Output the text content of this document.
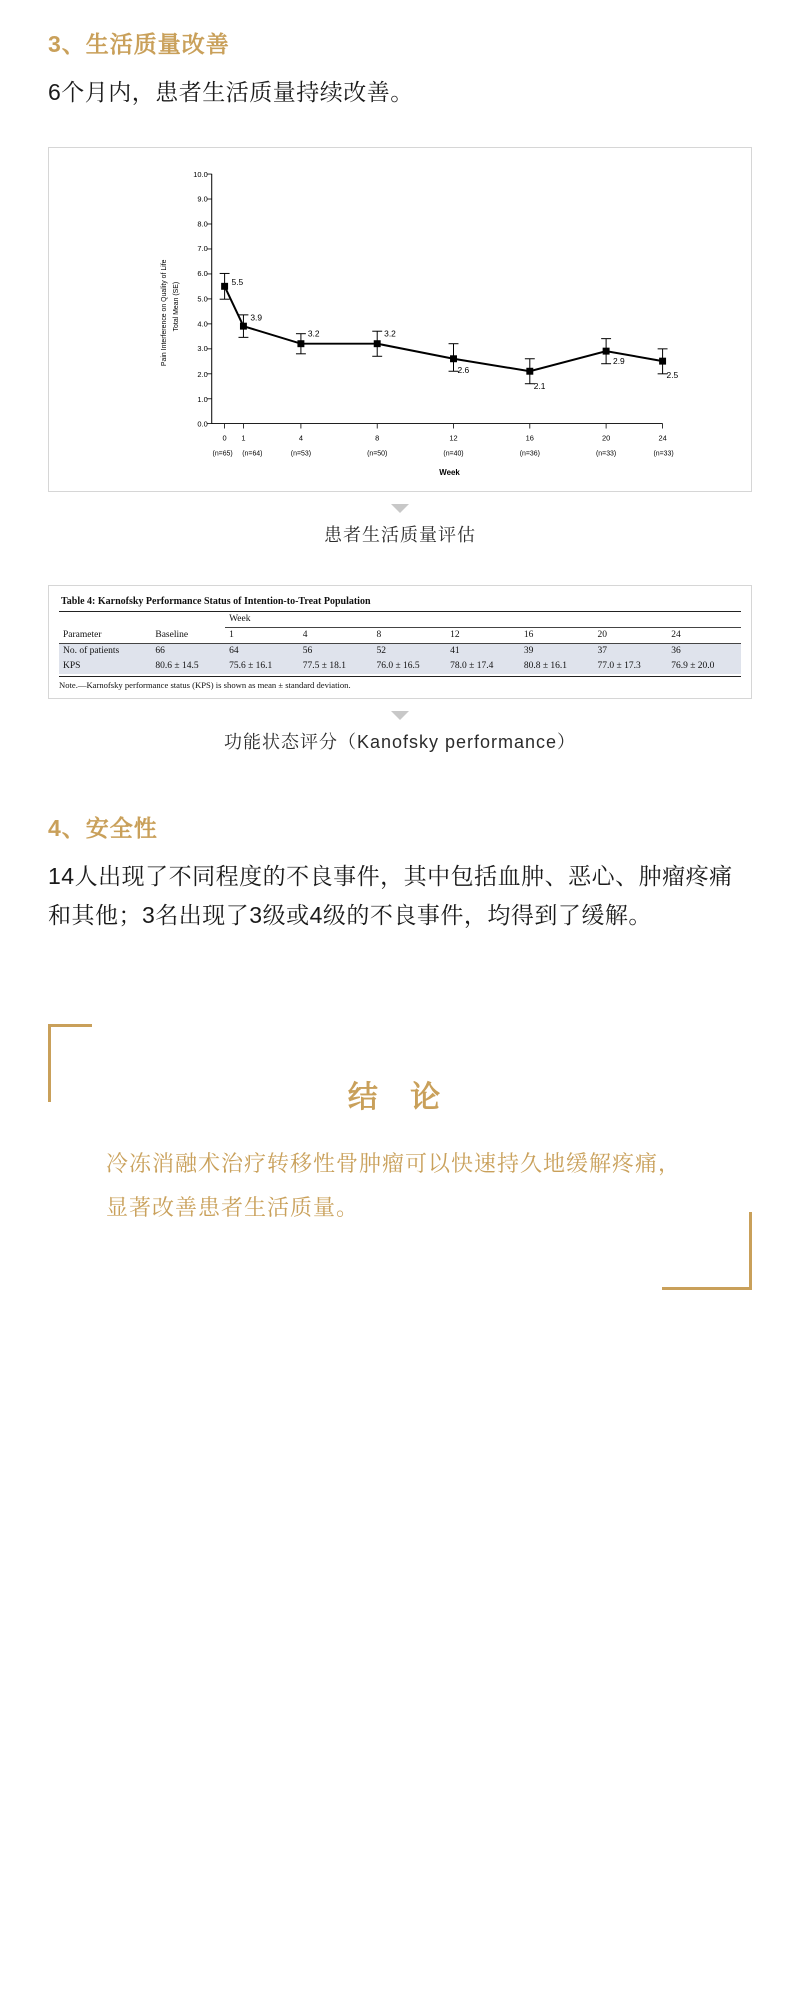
3、生活质量改善

6个月内，患者生活质量持续改善。

10.0
9.0
8.0
7.0
6.0
5.0
4.0
3.0
2.0
1.0
0.0
Pain Interference on Quality of Life Total Mean (SE)	5.5
3.9
3.2	3.2
2.6
2.1
2.9
2.5
0 1	4	8	12	16	20	24
(n=65) (n=64)	(n=53)	(n=50)	(n=40)	(n=36)	(n=33)	(n=33)
Week
患者生活质量评估
Table 4: Karnofsky Performance Status of Intention-to-Treat Population
		Week						
Parameter	Baseline	1	4	8	12	16	20	24
No. of patients	66	64	56	52	41	39	37	36
KPS	80.6 ± 14.5	75.6 ± 16.1	77.5 ± 18.1	76.0 ± 16.5	78.0 ± 17.4	80.8 ± 16.1	77.0 ± 17.3	76.9 ± 20.0
Note.—Karnofsky performance status (KPS) is shown as mean ± standard deviation.
功能状态评分（Kanofsky performance）
4、安全性

14人出现了不同程度的不良事件，其中包括血肿、恶心、肿瘤疼痛和其他；3名出现了3级或4级的不良事件，均得到了缓解。

结 论
冷冻消融术治疗转移性骨肿瘤可以快速持久地缓解疼痛，显著改善患者生活质量。
